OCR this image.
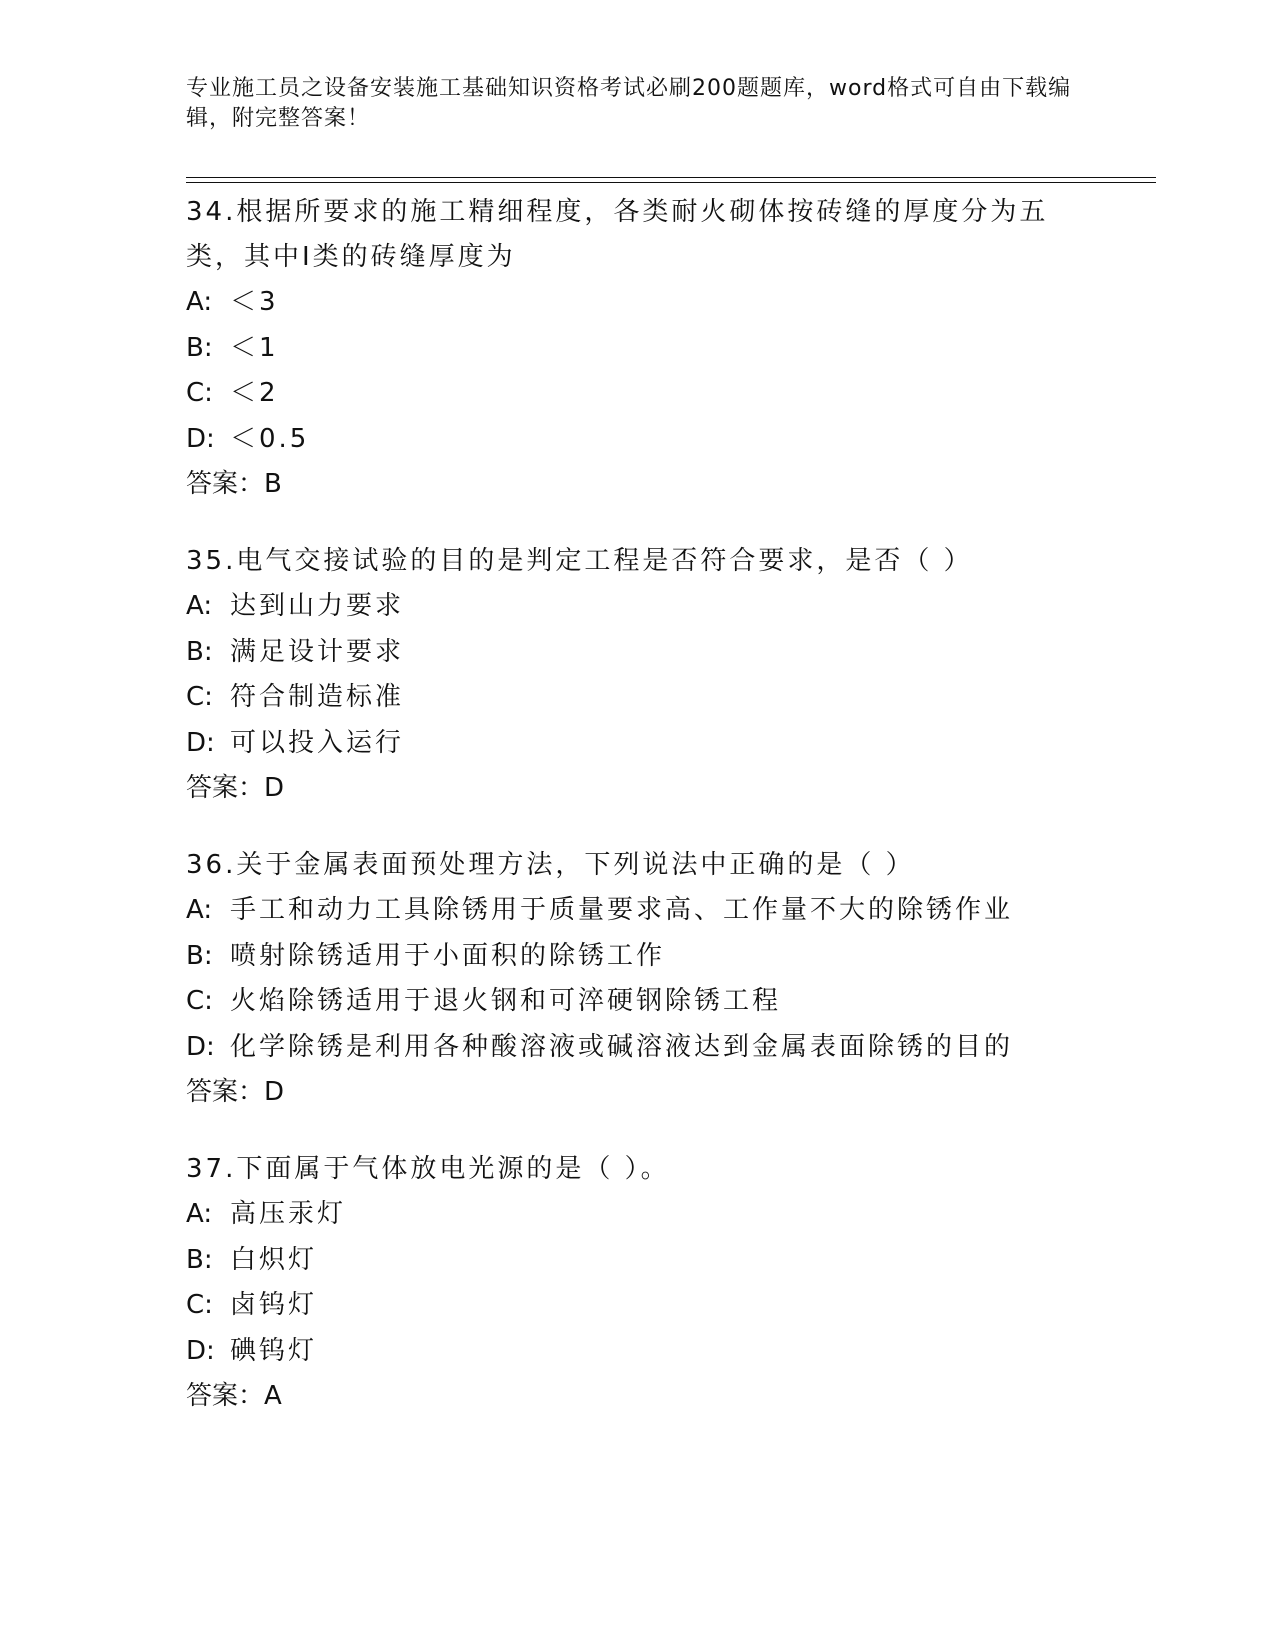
专业施工员之设备安装施工基础知识资格考试必刷200题题库，word格式可自由下载编辑，附完整答案！
34.根据所要求的施工精细程度，各类耐火砌体按砖缝的厚度分为五类，其中Ⅰ类的砖缝厚度为
A: ＜3
B: ＜1
C: ＜2
D: ＜0.5
答案：B
35.电气交接试验的目的是判定工程是否符合要求，是否（ ）
A: 达到山力要求
B: 满足设计要求
C: 符合制造标准
D: 可以投入运行
答案：D
36.关于金属表面预处理方法，下列说法中正确的是（ ）
A: 手工和动力工具除锈用于质量要求高、工作量不大的除锈作业
B: 喷射除锈适用于小面积的除锈工作
C: 火焰除锈适用于退火钢和可淬硬钢除锈工程
D: 化学除锈是利用各种酸溶液或碱溶液达到金属表面除锈的目的
答案：D
37.下面属于气体放电光源的是（ ）。
A: 高压汞灯
B: 白炽灯
C: 卤钨灯
D: 碘钨灯
答案：A
